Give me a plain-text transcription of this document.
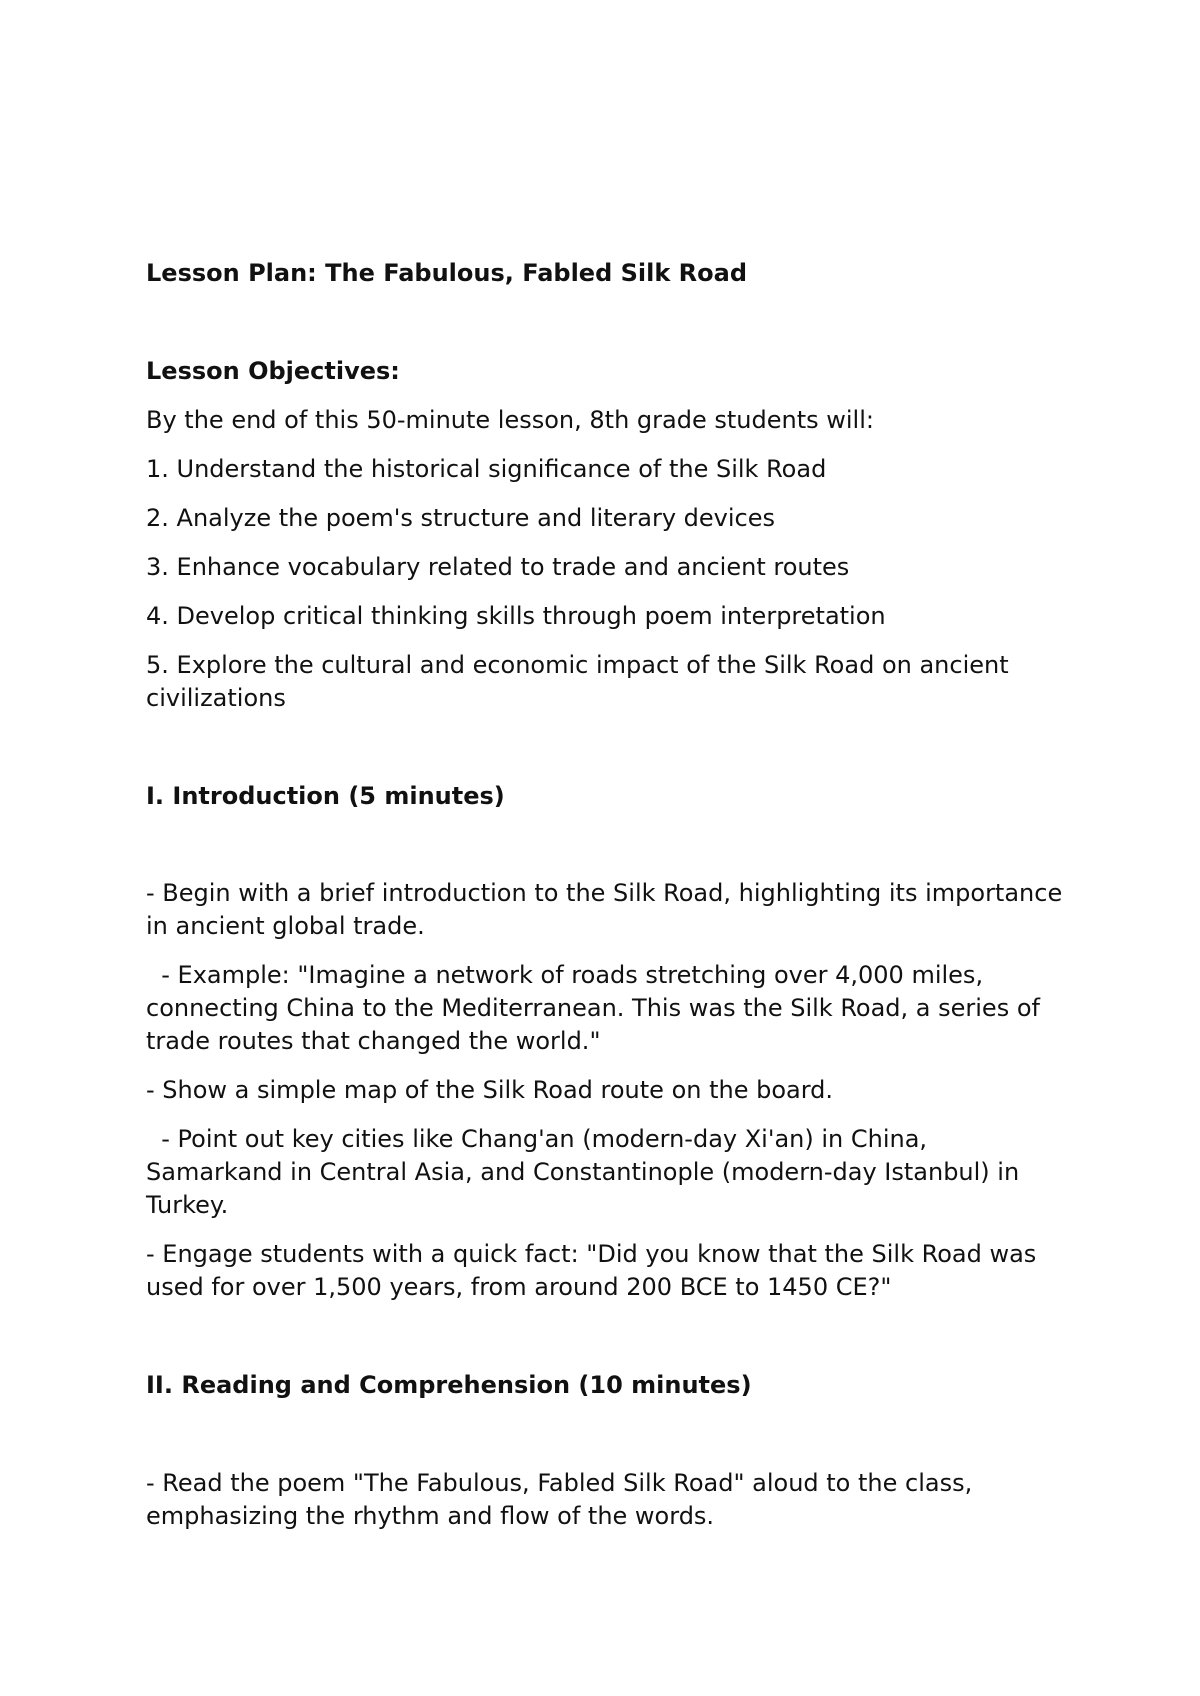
Lesson Plan: The Fabulous, Fabled Silk Road
Lesson Objectives:
By the end of this 50-minute lesson, 8th grade students will:
1. Understand the historical significance of the Silk Road
2. Analyze the poem's structure and literary devices
3. Enhance vocabulary related to trade and ancient routes
4. Develop critical thinking skills through poem interpretation
5. Explore the cultural and economic impact of the Silk Road on ancient civilizations
I. Introduction (5 minutes)
- Begin with a brief introduction to the Silk Road, highlighting its importance in ancient global trade.
- Example: "Imagine a network of roads stretching over 4,000 miles, connecting China to the Mediterranean. This was the Silk Road, a series of trade routes that changed the world."
- Show a simple map of the Silk Road route on the board.
- Point out key cities like Chang'an (modern-day Xi'an) in China, Samarkand in Central Asia, and Constantinople (modern-day Istanbul) in Turkey.
- Engage students with a quick fact: "Did you know that the Silk Road was used for over 1,500 years, from around 200 BCE to 1450 CE?"
II. Reading and Comprehension (10 minutes)
- Read the poem "The Fabulous, Fabled Silk Road" aloud to the class, emphasizing the rhythm and flow of the words.
